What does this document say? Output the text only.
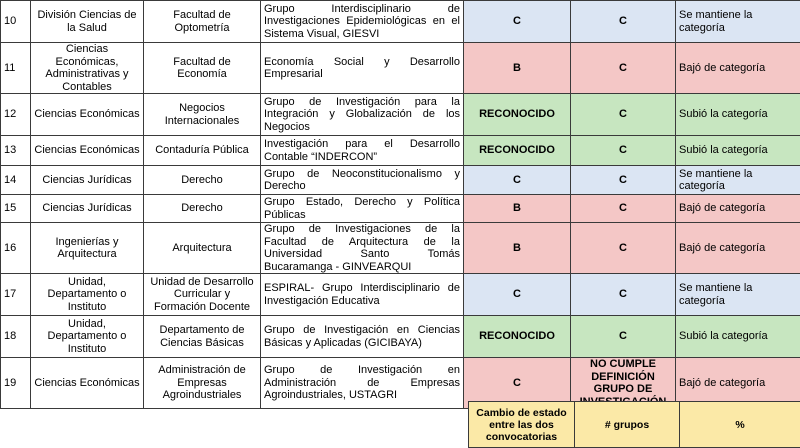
10	División Ciencias de la Salud	Facultad de Optometría	Grupo Interdisciplinario de Investigaciones Epidemiológicas en el Sistema Visual, GIESVI	C	C	Se mantiene la categoría
11	Ciencias Económicas, Administrativas y Contables	Facultad de Economía	Economía Social y Desarrollo Empresarial	B	C	Bajó de categoría
12	Ciencias Económicas	Negocios Internacionales	Grupo de Investigación para la Integración y Globalización de los Negocios	RECONOCIDO	C	Subió la categoría
13	Ciencias Económicas	Contaduría Pública	Investigación para el Desarrollo Contable “INDERCON”	RECONOCIDO	C	Subió la categoría
14	Ciencias Jurídicas	Derecho	Grupo de Neoconstitucionalismo y Derecho	C	C	Se mantiene la categoría
15	Ciencias Jurídicas	Derecho	Grupo Estado, Derecho y Política Públicas	B	C	Bajó de categoría
16	Ingenierías y Arquitectura	Arquitectura	Grupo de Investigaciones de la Facultad de Arquitectura de la Universidad Santo Tomás Bucaramanga - GINVEARQUI	B	C	Bajó de categoría
17	Unidad, Departamento o Instituto	Unidad de Desarrollo Curricular y Formación Docente	ESPIRAL- Grupo Interdisciplinario de Investigación Educativa	C	C	Se mantiene la categoría
18	Unidad, Departamento o Instituto	Departamento de Ciencias Básicas	Grupo de Investigación en Ciencias Básicas y Aplicadas (GICIBAYA)	RECONOCIDO	C	Subió la categoría
19	Ciencias Económicas	Administración de Empresas Agroindustriales	Grupo de Investigación en Administración de Empresas Agroindustriales, USTAGRI	C	NO CUMPLE DEFINICIÓN GRUPO DE	Bajó de categoría
Cambio de estado entre las dos convocatorias	# grupos	%
